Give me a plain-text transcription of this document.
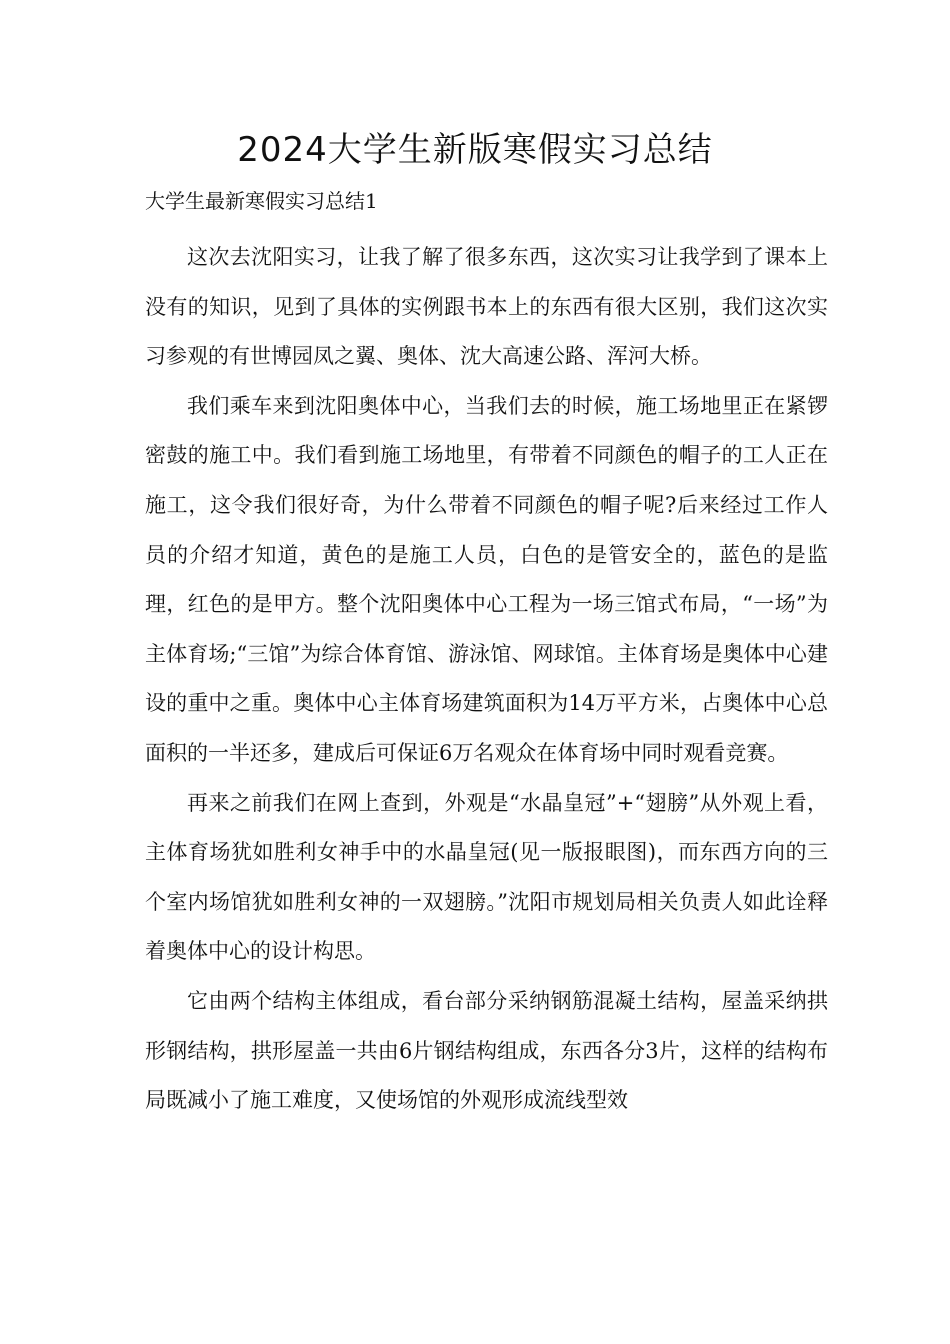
2024大学生新版寒假实习总结

大学生最新寒假实习总结1

这次去沈阳实习，让我了解了很多东西，这次实习让我学到了课本上没有的知识，见到了具体的实例跟书本上的东西有很大区别，我们这次实习参观的有世博园凤之翼、奥体、沈大高速公路、浑河大桥。

我们乘车来到沈阳奥体中心，当我们去的时候，施工场地里正在紧锣密鼓的施工中。我们看到施工场地里，有带着不同颜色的帽子的工人正在施工，这令我们很好奇，为什么带着不同颜色的帽子呢?后来经过工作人员的介绍才知道，黄色的是施工人员，白色的是管安全的，蓝色的是监理，红色的是甲方。整个沈阳奥体中心工程为一场三馆式布局，“一场”为主体育场;“三馆”为综合体育馆、游泳馆、网球馆。主体育场是奥体中心建设的重中之重。奥体中心主体育场建筑面积为14万平方米，占奥体中心总面积的一半还多，建成后可保证6万名观众在体育场中同时观看竞赛。

再来之前我们在网上查到，外观是“水晶皇冠”+“翅膀”从外观上看，主体育场犹如胜利女神手中的水晶皇冠(见一版报眼图)，而东西方向的三个室内场馆犹如胜利女神的一双翅膀。”沈阳市规划局相关负责人如此诠释着奥体中心的设计构思。

它由两个结构主体组成，看台部分采纳钢筋混凝土结构，屋盖采纳拱形钢结构，拱形屋盖一共由6片钢结构组成，东西各分3片，这样的结构布局既减小了施工难度，又使场馆的外观形成流线型效
